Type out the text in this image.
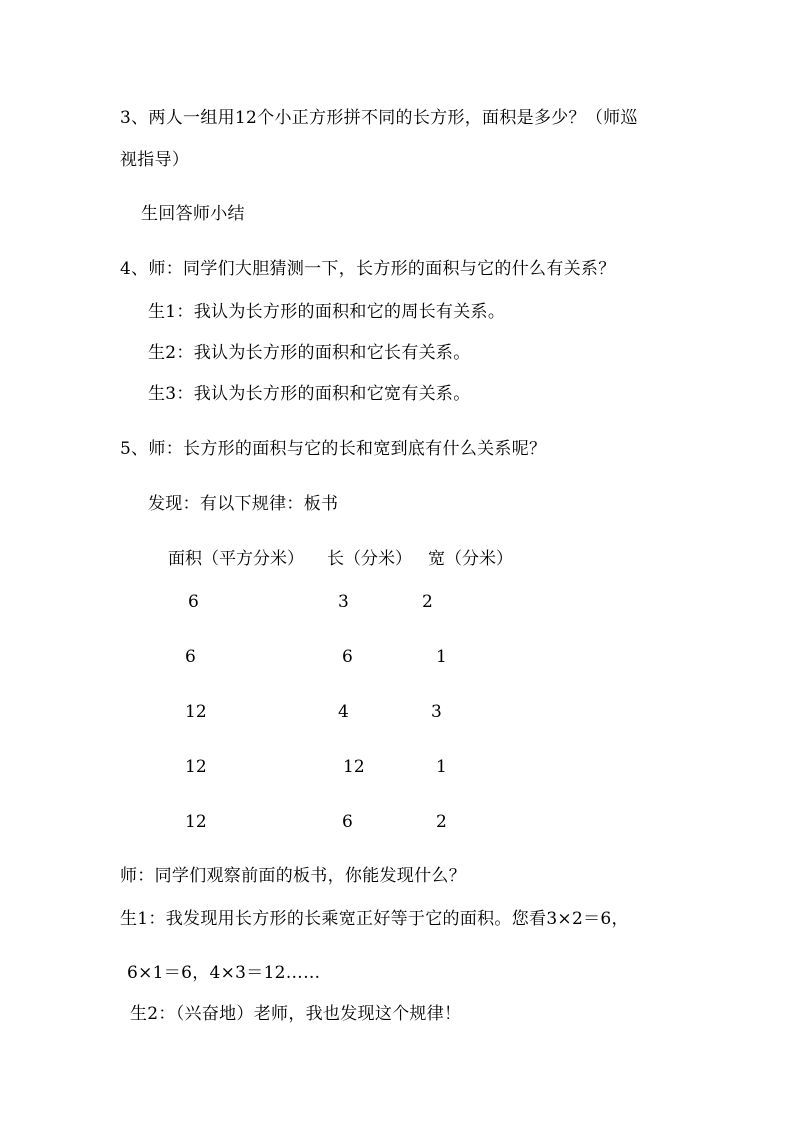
3、两人一组用12个小正方形拼不同的长方形，面积是多少？（师巡
视指导）
生回答师小结
4、师：同学们大胆猜测一下，长方形的面积与它的什么有关系？
生1：我认为长方形的面积和它的周长有关系。
生2：我认为长方形的面积和它长有关系。
生3：我认为长方形的面积和它宽有关系。
5、师：长方形的面积与它的长和宽到底有什么关系呢？
发现：有以下规律：板书
面积（平方分米） 长（分米） 宽（分米）
6	3	2
6	6	1
12	4	3
12	12	1
12	6	2
师：同学们观察前面的板书，你能发现什么？
生1：我发现用长方形的长乘宽正好等于它的面积。您看3×2＝6，
6×1＝6，4×3＝12……
生2：（兴奋地）老师，我也发现这个规律！
